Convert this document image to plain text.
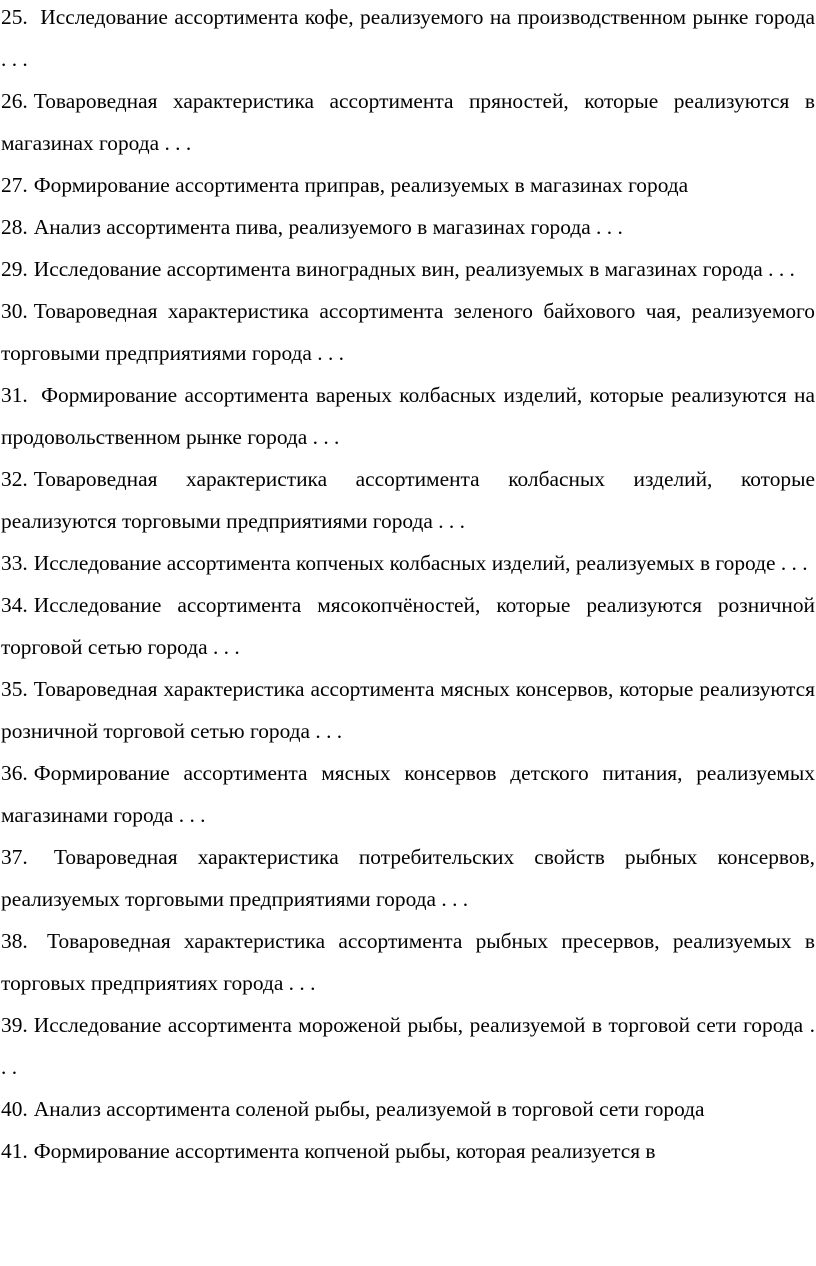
25. Исследование ассортимента кофе, реализуемого на производственном рынке города . . .
26. Товароведная характеристика ассортимента пряностей, которые реализуются в магазинах города . . .
27. Формирование ассортимента приправ, реализуемых в магазинах города
28. Анализ ассортимента пива, реализуемого в магазинах города . . .
29. Исследование ассортимента виноградных вин, реализуемых в магазинах города . . .
30. Товароведная характеристика ассортимента зеленого байхового чая, реализуемого торговыми предприятиями города . . .
31. Формирование ассортимента вареных колбасных изделий, которые реализуются на продовольственном рынке города . . .
32. Товароведная характеристика ассортимента колбасных изделий, которые реализуются торговыми предприятиями города . . .
33. Исследование ассортимента копченых колбасных изделий, реализуемых в городе . . .
34. Исследование ассортимента мясокопчёностей, которые реализуются розничной торговой сетью города . . .
35. Товароведная характеристика ассортимента мясных консервов, которые реализуются розничной торговой сетью города . . .
36. Формирование ассортимента мясных консервов детского питания, реализуемых магазинами города . . .
37. Товароведная характеристика потребительских свойств рыбных консервов, реализуемых торговыми предприятиями города . . .
38. Товароведная характеристика ассортимента рыбных пресервов, реализуемых в торговых предприятиях города . . .
39. Исследование ассортимента мороженой рыбы, реализуемой в торговой сети города . . .
40. Анализ ассортимента соленой рыбы, реализуемой в торговой сети города
41. Формирование ассортимента копченой рыбы, которая реализуется в
